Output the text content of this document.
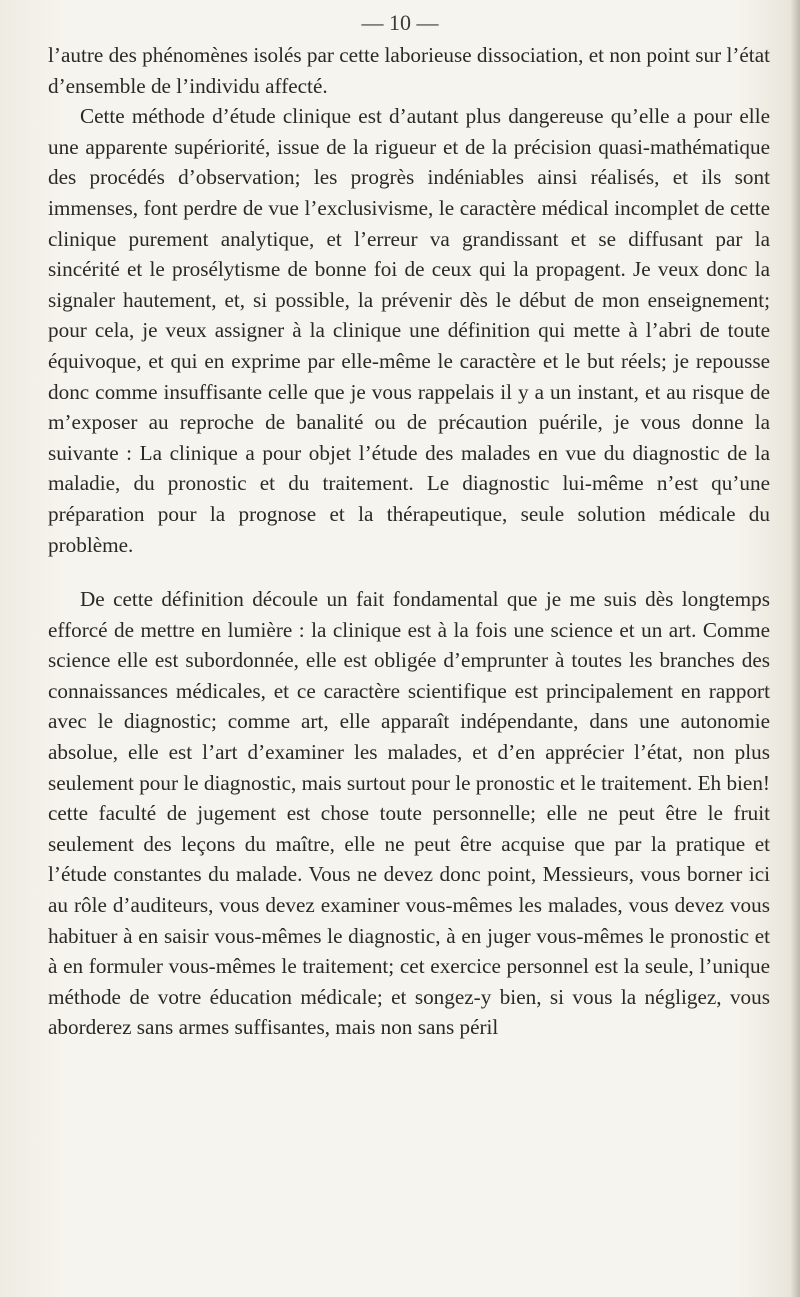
— 10 —

l’autre des phénomènes isolés par cette laborieuse dissociation, et non point sur l’état d’ensemble de l’individu affecté.

Cette méthode d’étude clinique est d’autant plus dangereuse qu’elle a pour elle une apparente supériorité, issue de la rigueur et de la précision quasi-mathématique des procédés d’observation; les progrès indéniables ainsi réalisés, et ils sont immenses, font perdre de vue l’exclusivisme, le caractère médical incomplet de cette clinique purement analytique, et l’erreur va grandissant et se diffusant par la sincérité et le prosélytisme de bonne foi de ceux qui la propagent. Je veux donc la signaler hautement, et, si possible, la prévenir dès le début de mon enseignement; pour cela, je veux assigner à la clinique une définition qui mette à l’abri de toute équivoque, et qui en exprime par elle-même le caractère et le but réels; je repousse donc comme insuffisante celle que je vous rappelais il y a un instant, et au risque de m’exposer au reproche de banalité ou de précaution puérile, je vous donne la suivante : La clinique a pour objet l’étude des malades en vue du diagnostic de la maladie, du pronostic et du traitement. Le diagnostic lui-même n’est qu’une préparation pour la prognose et la thérapeutique, seule solution médicale du problème.

De cette définition découle un fait fondamental que je me suis dès longtemps efforcé de mettre en lumière : la clinique est à la fois une science et un art. Comme science elle est subordonnée, elle est obligée d’emprunter à toutes les branches des connaissances médicales, et ce caractère scientifique est principalement en rapport avec le diagnostic; comme art, elle apparaît indépendante, dans une autonomie absolue, elle est l’art d’examiner les malades, et d’en apprécier l’état, non plus seulement pour le diagnostic, mais surtout pour le pronostic et le traitement. Eh bien! cette faculté de jugement est chose toute personnelle; elle ne peut être le fruit seulement des leçons du maître, elle ne peut être acquise que par la pratique et l’étude constantes du malade. Vous ne devez donc point, Messieurs, vous borner ici au rôle d’auditeurs, vous devez examiner vous-mêmes les malades, vous devez vous habituer à en saisir vous-mêmes le diagnostic, à en juger vous-mêmes le pronostic et à en formuler vous-mêmes le traitement; cet exercice personnel est la seule, l’unique méthode de votre éducation médicale; et songez-y bien, si vous la négligez, vous aborderez sans armes suffisantes, mais non sans péril
